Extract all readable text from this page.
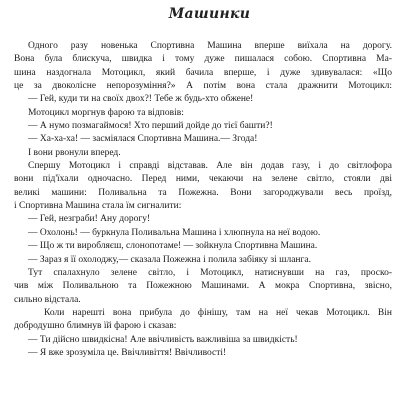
Машинки

Одного разу новенька Спортивна Машина вперше виїхала на дорогу.
Вона була блискуча, швидка і тому дуже пишалася собою. Спортивна Ма-
шина наздогнала Мотоцикл, який бачила вперше, і дуже здивувалася: «Що
це за двоколісне непорозуміння?» А потім вона стала дражнити Мотоцикл:

— Гей, куди ти на своїх двох?! Тебе ж будь-хто обжене!

Мотоцикл моргнув фарою та відповів:

— А нумо позмагаймося! Хто перший дойде до тієї башти?!

— Ха-ха-ха! — засміялася Спортивна Машина.— Згода!

І вони рвонули вперед.

Спершу Мотоцикл і справді відставав. Але він додав газу, і до світлофора
вони під'їхали одночасно. Перед ними, чекаючи на зелене світло, стояли дві
великі машини: Поливальна та Пожежна. Вони загороджували весь проїзд,
і Спортивна Машина стала їм сигналити:

— Гей, незграби! Ану дорогу!

— Охолонь! — буркнула Поливальна Машина і хлюпнула на неї водою.

— Що ж ти виробляєш, слонопотаме! — зойкнула Спортивна Машина.

— Зараз я її охолоджу,— сказала Пожежна і полила забіяку зі шланга.

Тут спалахнуло зелене світло, і Мотоцикл, натиснувши на газ, проско-
чив між Поливальною та Пожежною Машинами. А мокра Спортивна, звісно,
сильно відстала.

Коли нарешті вона прибула до фінішу, там на неї чекав Мотоцикл. Він
добродушно блимнув їй фарою і сказав:

— Ти дійсно швидкісна! Але ввічливість важливіша за швидкість!

— Я вже зрозуміла це. Ввічливіття! Ввічливості!
